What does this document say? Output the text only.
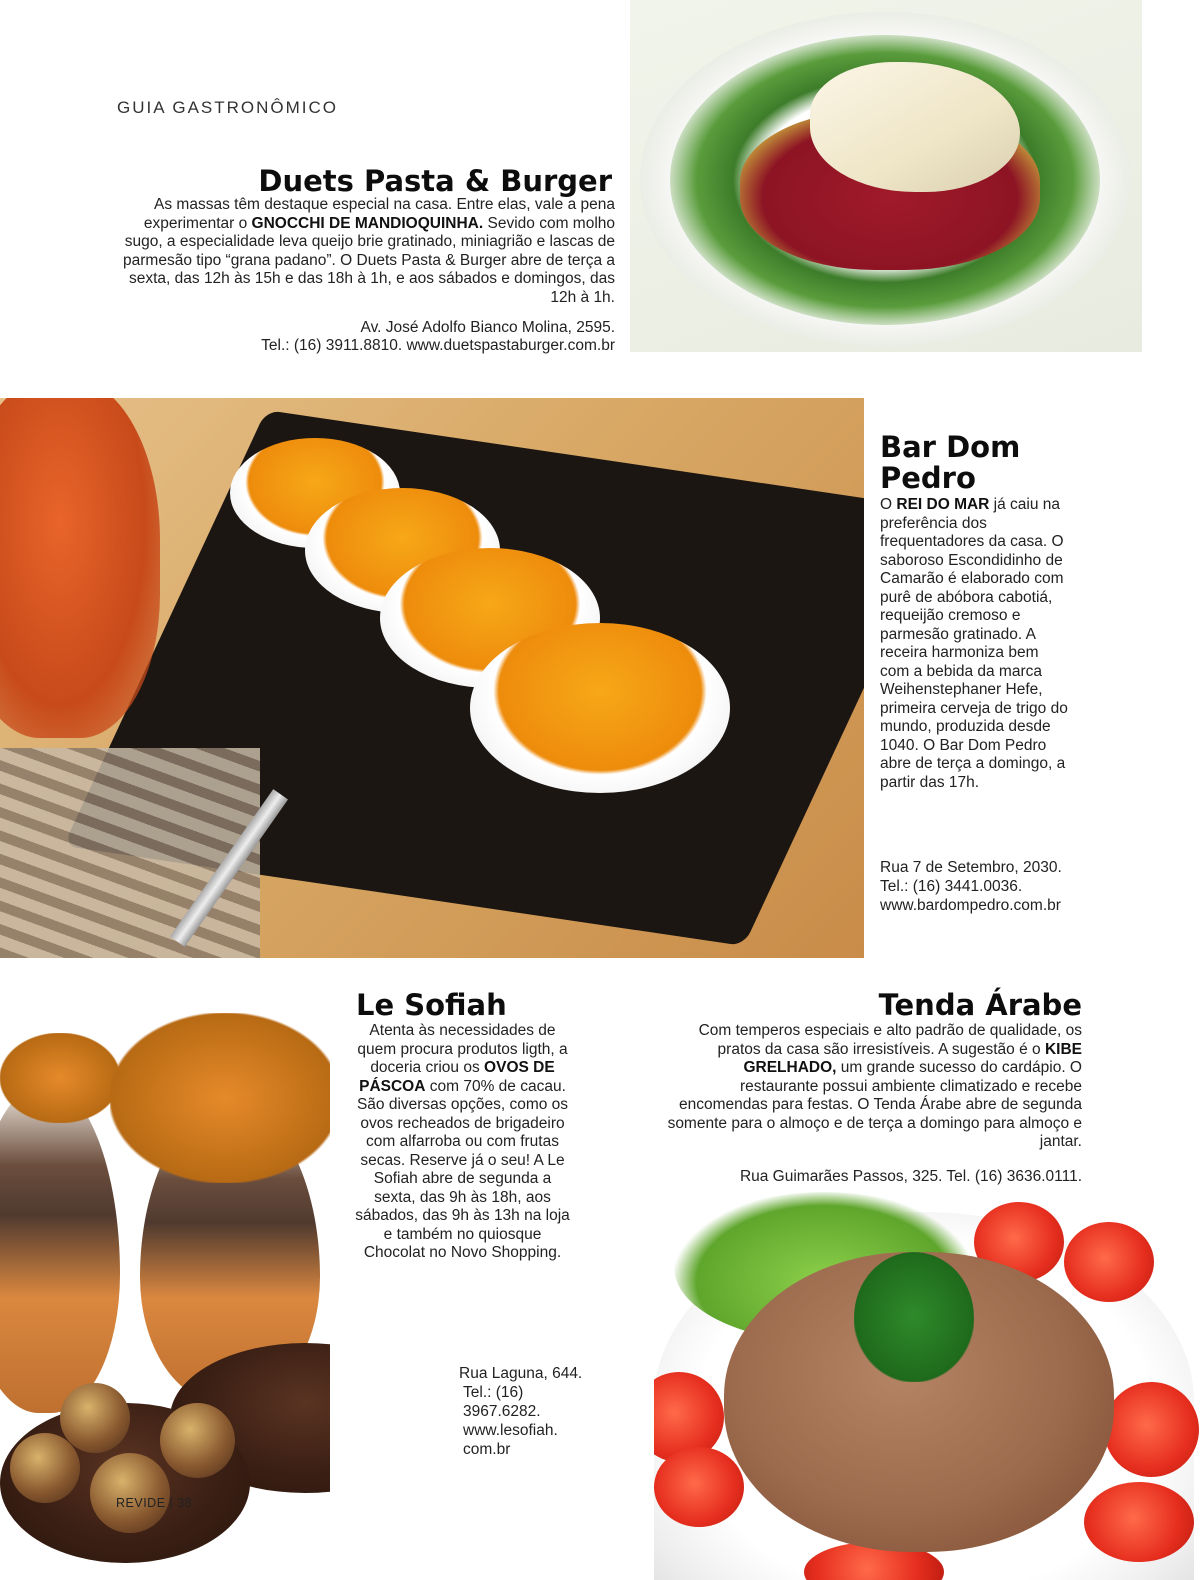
GUIA GASTRONÔMICO
Duets Pasta & Burger
As massas têm destaque especial na casa. Entre elas, vale a pena experimentar o GNOCCHI DE MANDIOQUINHA. Sevido com molho sugo, a especialidade leva queijo brie gratinado, miniagrião e lascas de parmesão tipo “grana padano”. O Duets Pasta & Burger abre de terça a sexta, das 12h às 15h e das 18h à 1h, e aos sábados e domingos, das 12h à 1h.
Av. José Adolfo Bianco Molina, 2595.
Tel.: (16) 3911.8810. www.duetspastaburger.com.br
Bar Dom
Pedro
O REI DO MAR já caiu na preferência dos frequentadores da casa. O saboroso Escondidinho de Camarão é elaborado com purê de abóbora cabotiá, requeijão cremoso e parmesão gratinado. A receira harmoniza bem com a bebida da marca Weihenstephaner Hefe, primeira cerveja de trigo do mundo, produzida desde 1040. O Bar Dom Pedro abre de terça a domingo, a partir das 17h.
Rua 7 de Setembro, 2030.
Tel.: (16) 3441.0036.
www.bardompedro.com.br
Le Sofiah
Atenta às necessidades de quem procura produtos ligth, a doceria criou os OVOS DE PÁSCOA com 70% de cacau. São diversas opções, como os ovos recheados de brigadeiro com alfarroba ou com frutas secas. Reserve já o seu! A Le Sofiah abre de segunda a sexta, das 9h às 18h, aos sábados, das 9h às 13h na loja e também no quiosque Chocolat no Novo Shopping.
Rua Laguna, 644.
Tel.: (16) 3967.6282.
www.lesofiah.
com.br
Tenda Árabe
Com temperos especiais e alto padrão de qualidade, os pratos da casa são irresistíveis. A sugestão é o KIBE GRELHADO, um grande sucesso do cardápio. O restaurante possui ambiente climatizado e recebe encomendas para festas. O Tenda Árabe abre de segunda somente para o almoço e de terça a domingo para almoço e jantar.
Rua Guimarães Passos, 325. Tel. (16) 3636.0111.
REVIDE | 38
